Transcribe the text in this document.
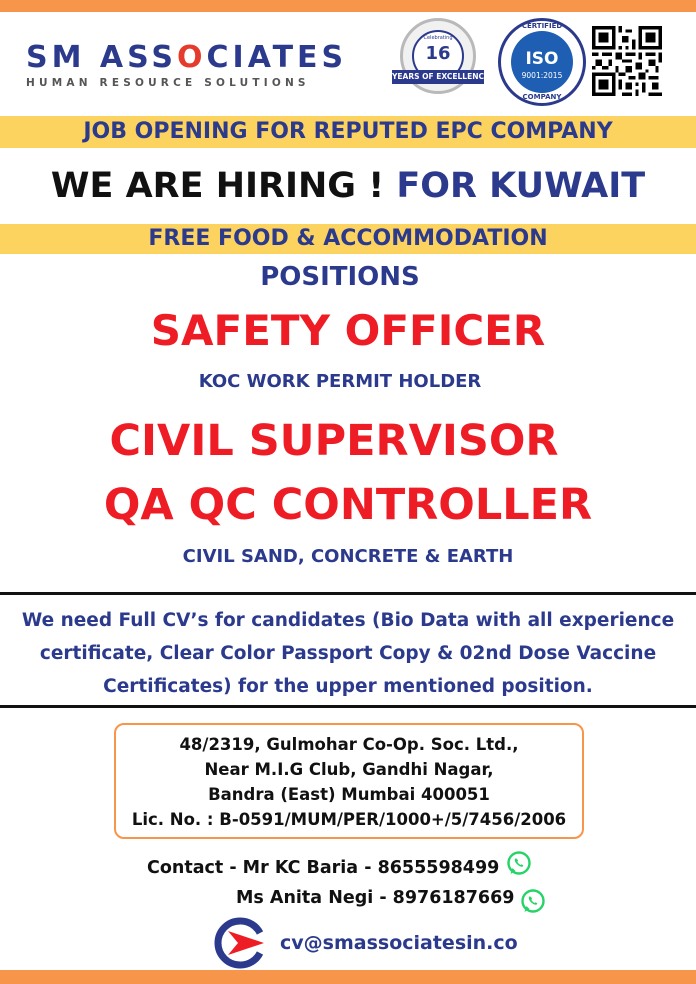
SM ASSOCIATES
HUMAN RESOURCE SOLUTIONS
Celebrating
16
YEARS OF EXCELLENCE
CERTIFIED
ISO
9001:2015
COMPANY
JOB OPENING FOR REPUTED EPC COMPANY
WE ARE HIRING ! FOR KUWAIT
FREE FOOD & ACCOMMODATION
POSITIONS
SAFETY OFFICER
KOC WORK PERMIT HOLDER
CIVIL SUPERVISOR
QA QC CONTROLLER
CIVIL SAND, CONCRETE & EARTH
We need Full CV’s for candidates (Bio Data with all experience
certificate, Clear Color Passport Copy & 02nd Dose Vaccine
Certificates) for the upper mentioned position.
48/2319, Gulmohar Co-Op. Soc. Ltd.,
Near M.I.G Club, Gandhi Nagar,
Bandra (East) Mumbai 400051
Lic. No. : B-0591/MUM/PER/1000+/5/7456/2006
Contact - Mr KC Baria - 8655598499
Ms Anita Negi - 8976187669
cv@smassociatesin.co
